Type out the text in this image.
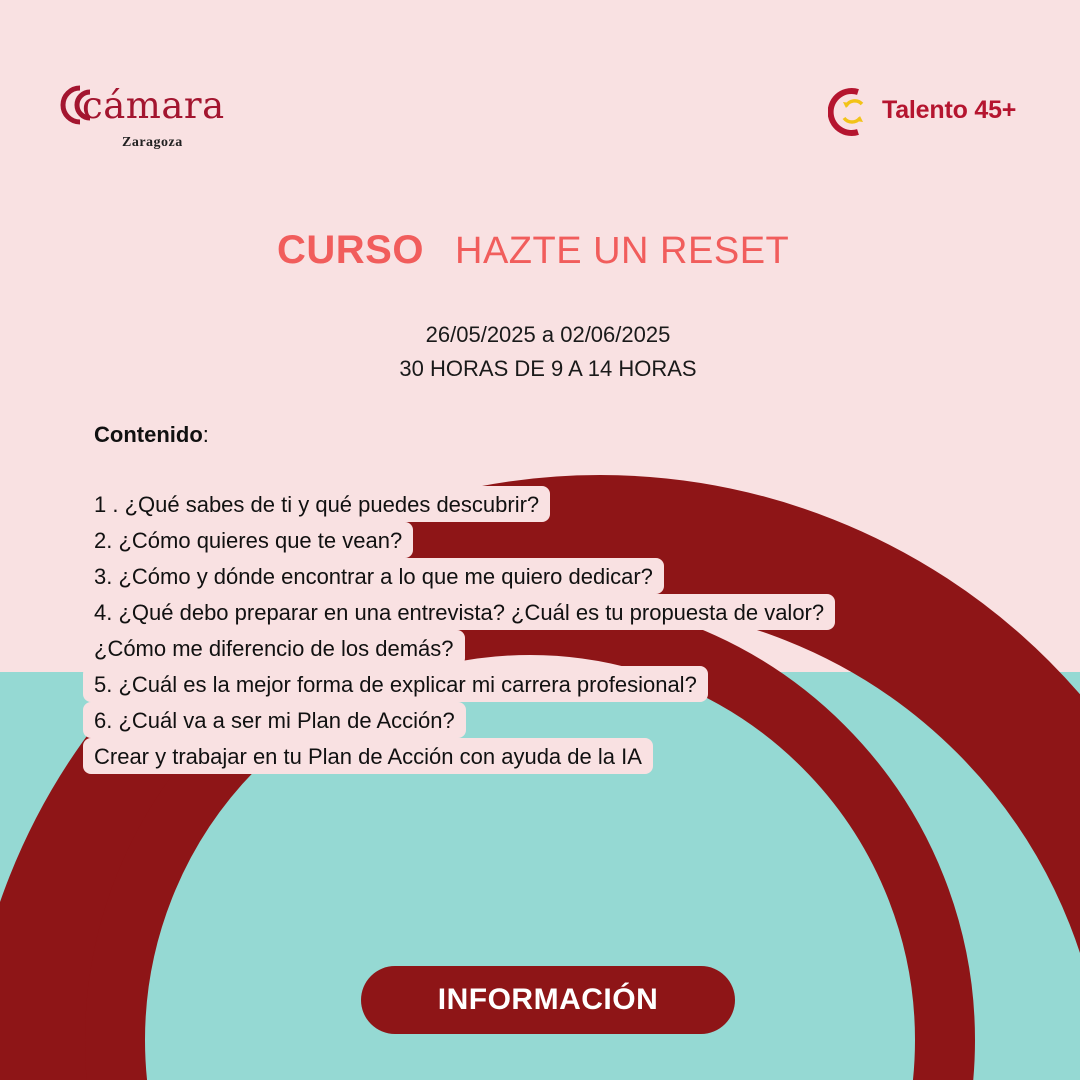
cámara
Zaragoza
Talento 45+
CURSO HAZTE UN RESET
26/05/2025 a 02/06/2025
30 HORAS DE 9 A 14 HORAS
Contenido:
1 . ¿Qué sabes de ti y qué puedes descubrir?
2. ¿Cómo quieres que te vean?
3. ¿Cómo y dónde encontrar a lo que me quiero dedicar?
4. ¿Qué debo preparar en una entrevista? ¿Cuál es tu propuesta de valor?
¿Cómo me diferencio de los demás?
5. ¿Cuál es la mejor forma de explicar mi carrera profesional?
6. ¿Cuál va a ser mi Plan de Acción?
Crear y trabajar en tu Plan de Acción con ayuda de la IA
INFORMACIÓN
